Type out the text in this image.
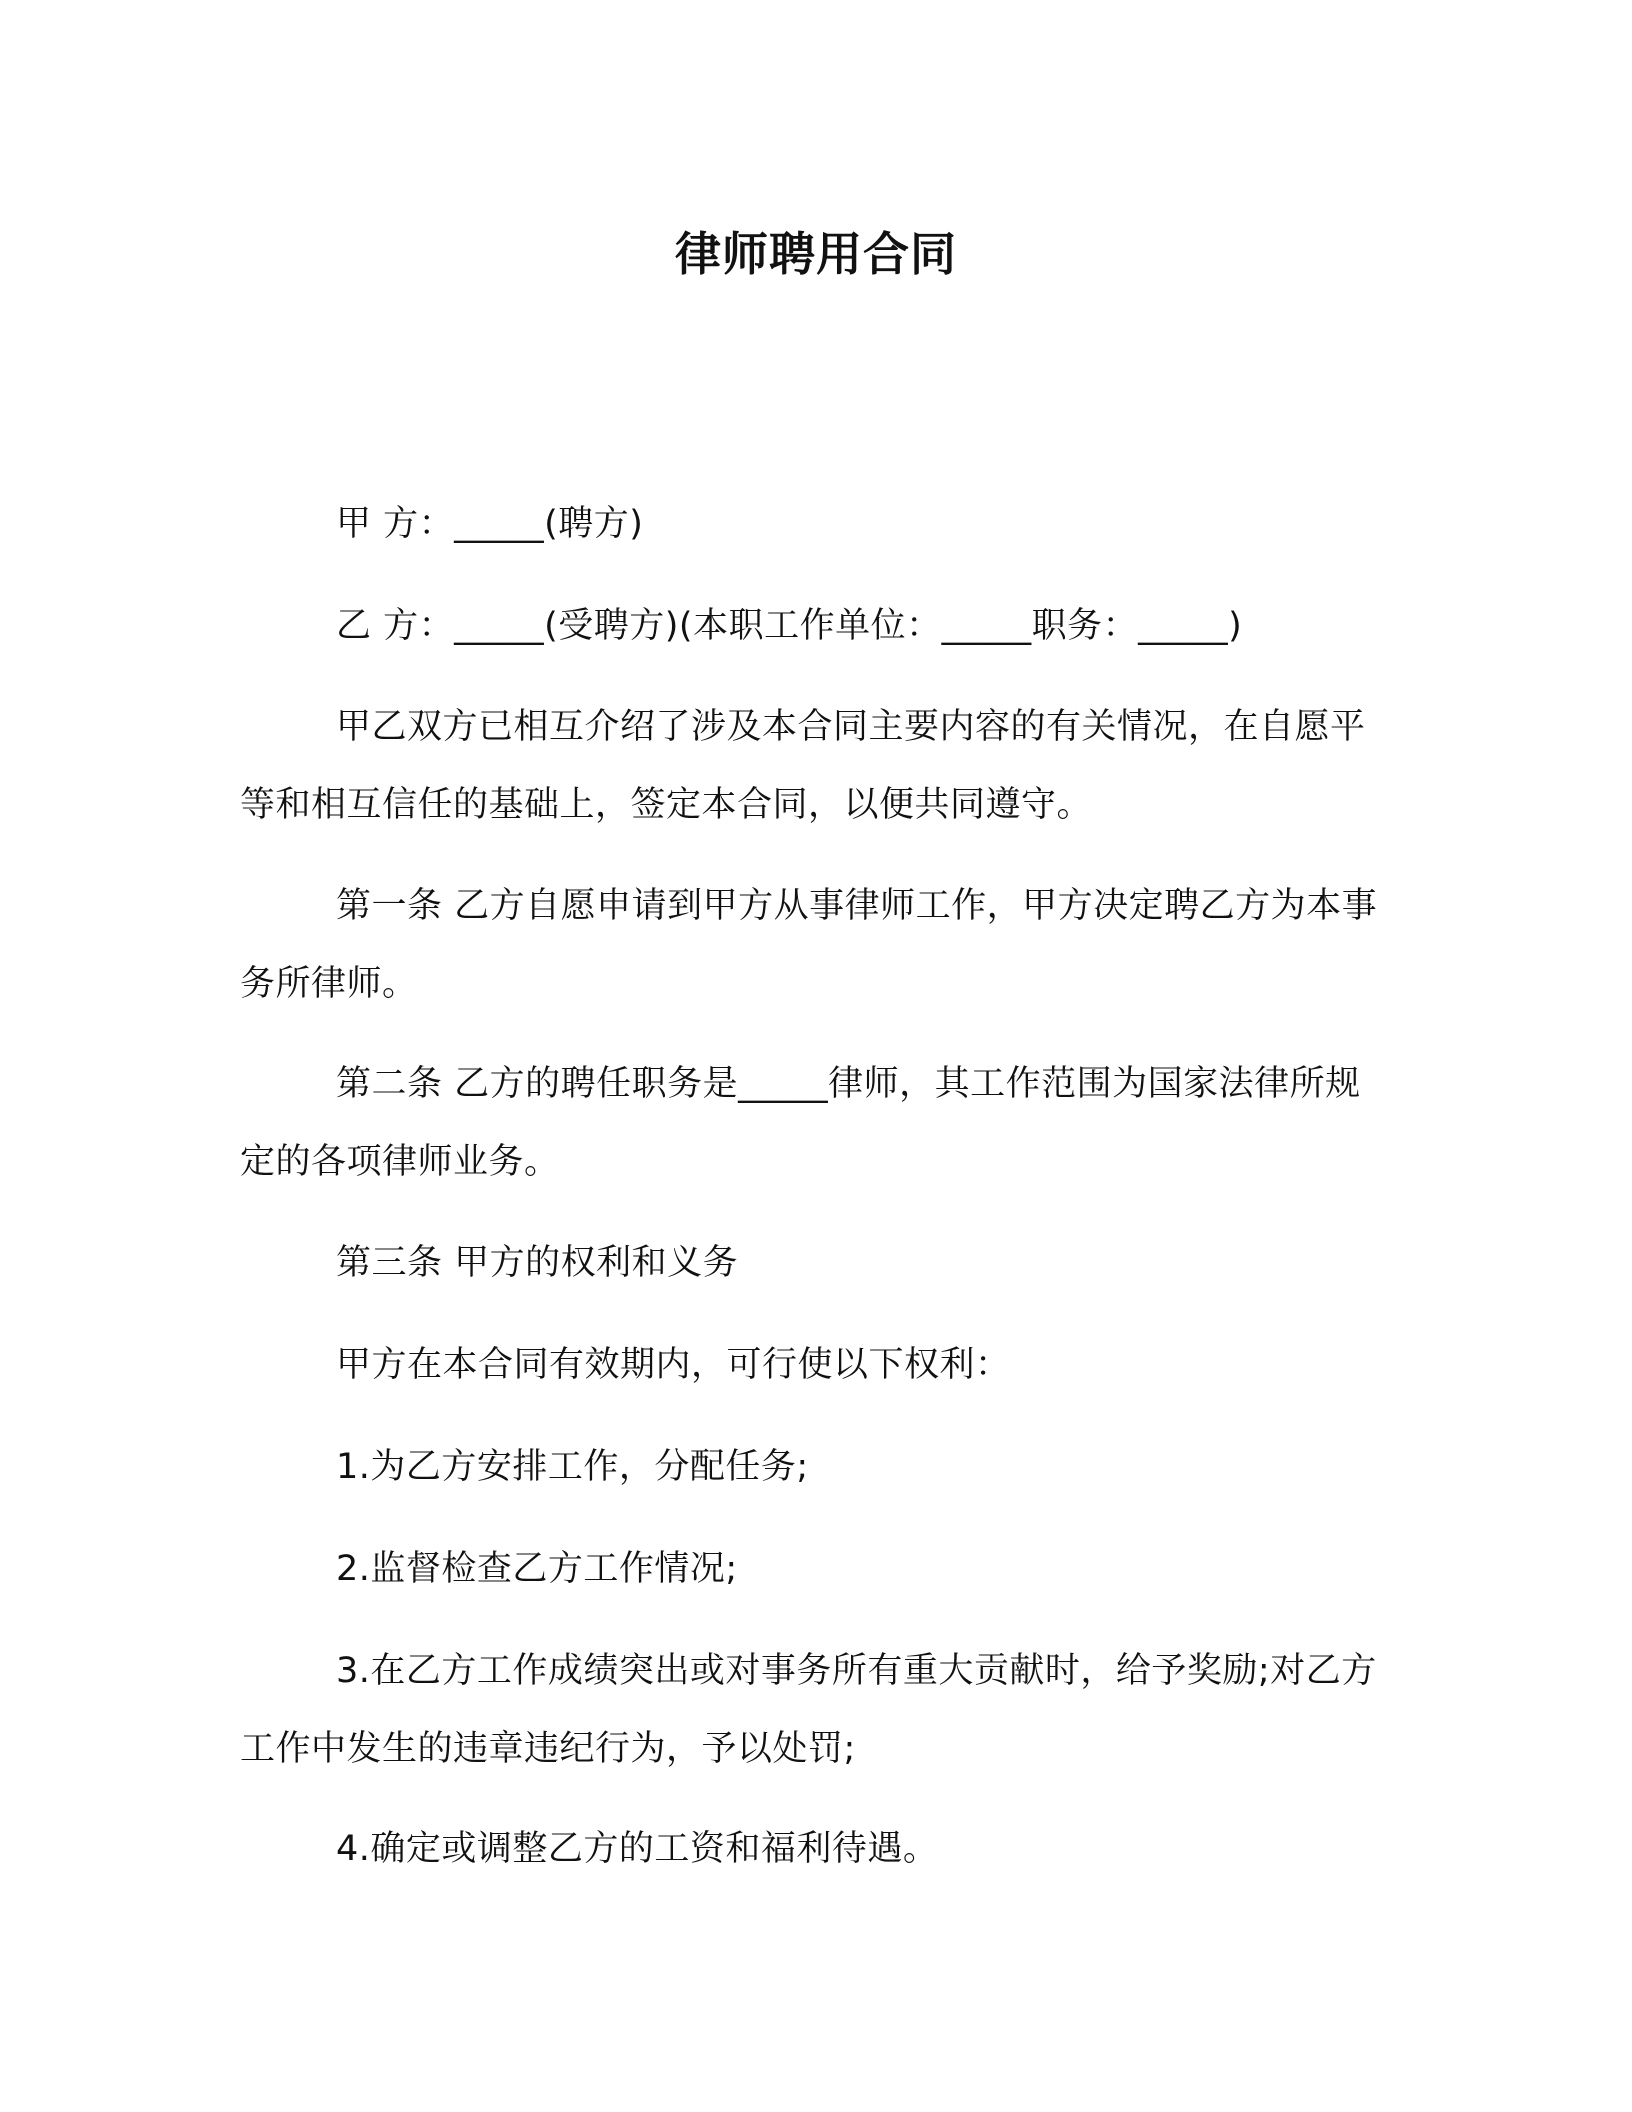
律师聘用合同
甲 方：_____(聘方)
乙 方：_____(受聘方)(本职工作单位：_____职务：_____)
甲乙双方已相互介绍了涉及本合同主要内容的有关情况，在自愿平等和相互信任的基础上，签定本合同，以便共同遵守。
第一条 乙方自愿申请到甲方从事律师工作，甲方决定聘乙方为本事务所律师。
第二条 乙方的聘任职务是_____律师，其工作范围为国家法律所规定的各项律师业务。
第三条 甲方的权利和义务
甲方在本合同有效期内，可行使以下权利：
1.为乙方安排工作，分配任务;
2.监督检查乙方工作情况;
3.在乙方工作成绩突出或对事务所有重大贡献时，给予奖励;对乙方工作中发生的违章违纪行为，予以处罚;
4.确定或调整乙方的工资和福利待遇。
